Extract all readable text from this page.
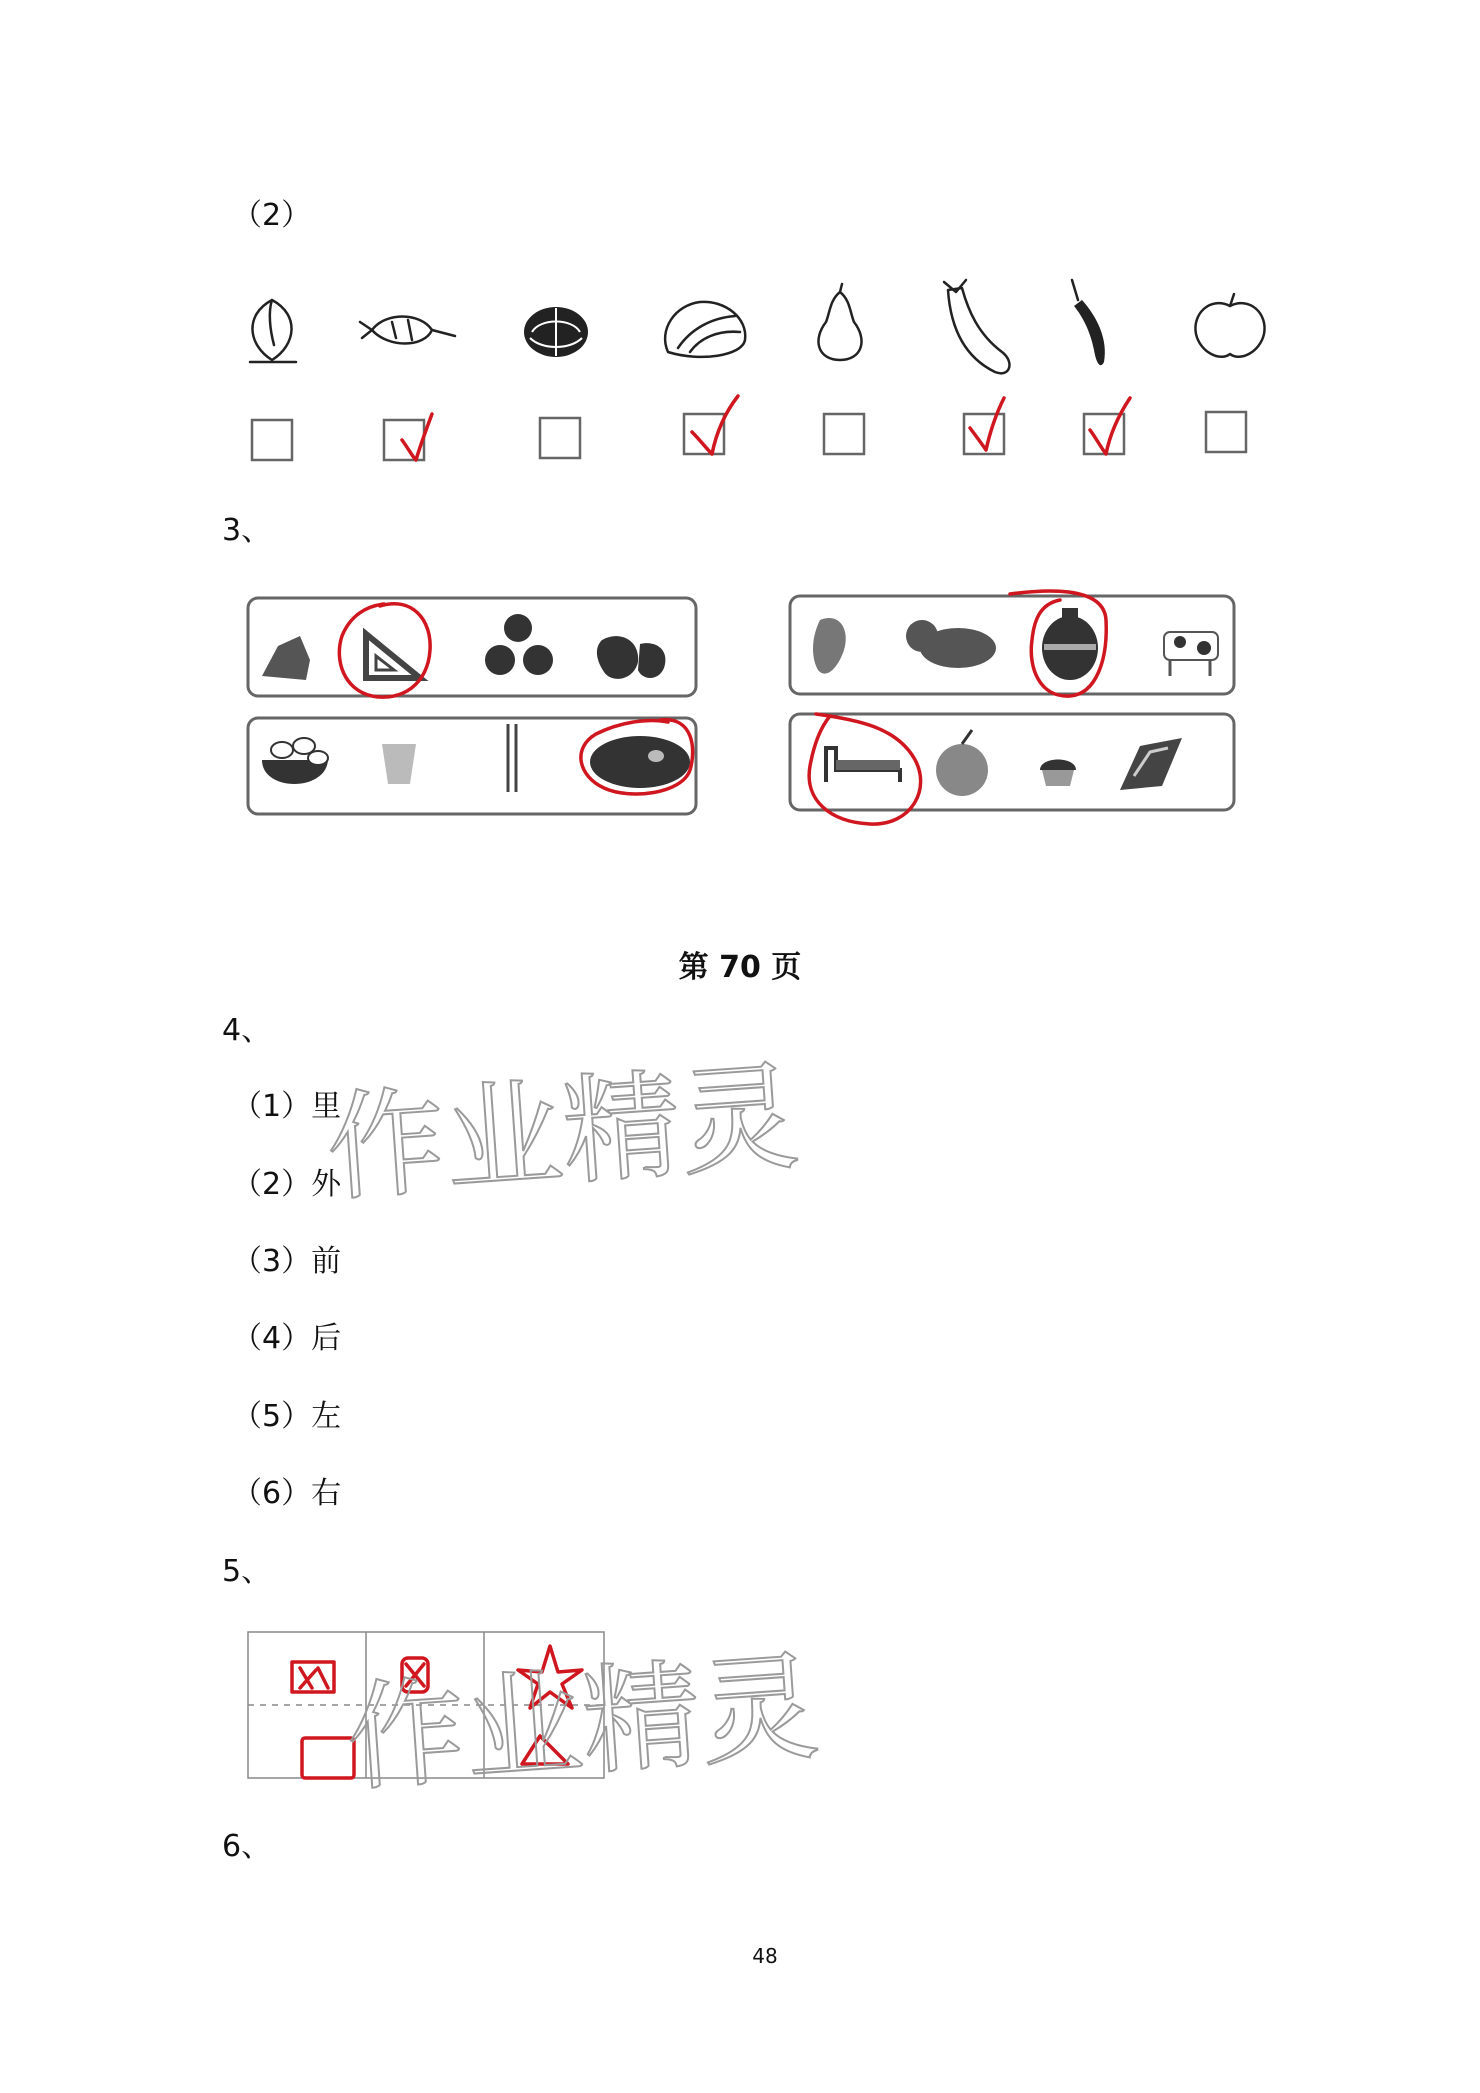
（2）
3、
第 70 页
4、
（1）里
（2）外
（3）前
（4）后
（5）左
（6）右
5、
6、
48
作业精灵
作业精灵
